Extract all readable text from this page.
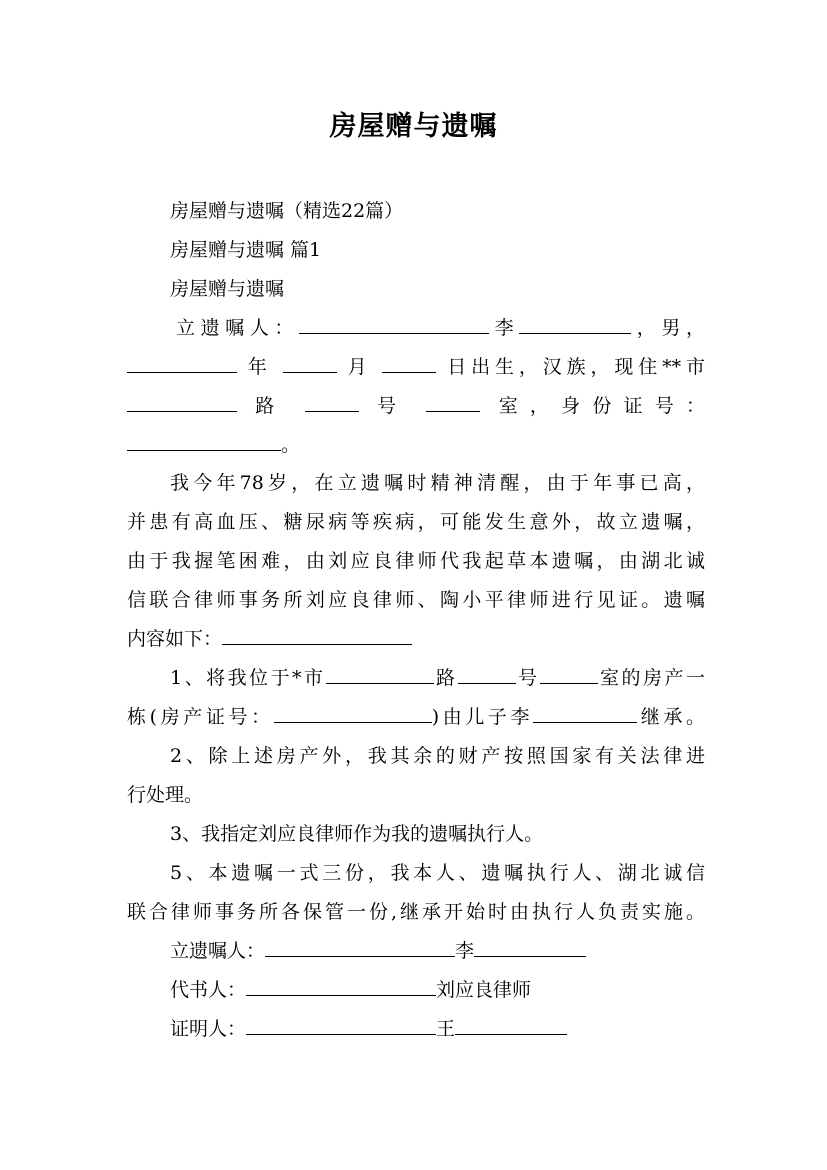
房屋赠与遗嘱
房屋赠与遗嘱（精选22篇）
房屋赠与遗嘱 篇1
房屋赠与遗嘱
立遗嘱人：	李	，男，
年	月	日出生，汉族，现住**市
路	号	室，身份证号：
。
我今年78岁，在立遗嘱时精神清醒，由于年事已高，
并患有高血压、糖尿病等疾病，可能发生意外，故立遗嘱，
由于我握笔困难，由刘应良律师代我起草本遗嘱，由湖北诚
信联合律师事务所刘应良律师、陶小平律师进行见证。遗嘱
内容如下：
1、将我位于*市	路	号	室的房产一
栋(房产证号：	)由儿子李	继承。
2、除上述房产外，我其余的财产按照国家有关法律进
行处理。
3、我指定刘应良律师作为我的遗嘱执行人。
5、本遗嘱一式三份，我本人、遗嘱执行人、湖北诚信
联合律师事务所各保管一份,继承开始时由执行人负责实施。
立遗嘱人：	李
代书人：	刘应良律师
证明人：	王
